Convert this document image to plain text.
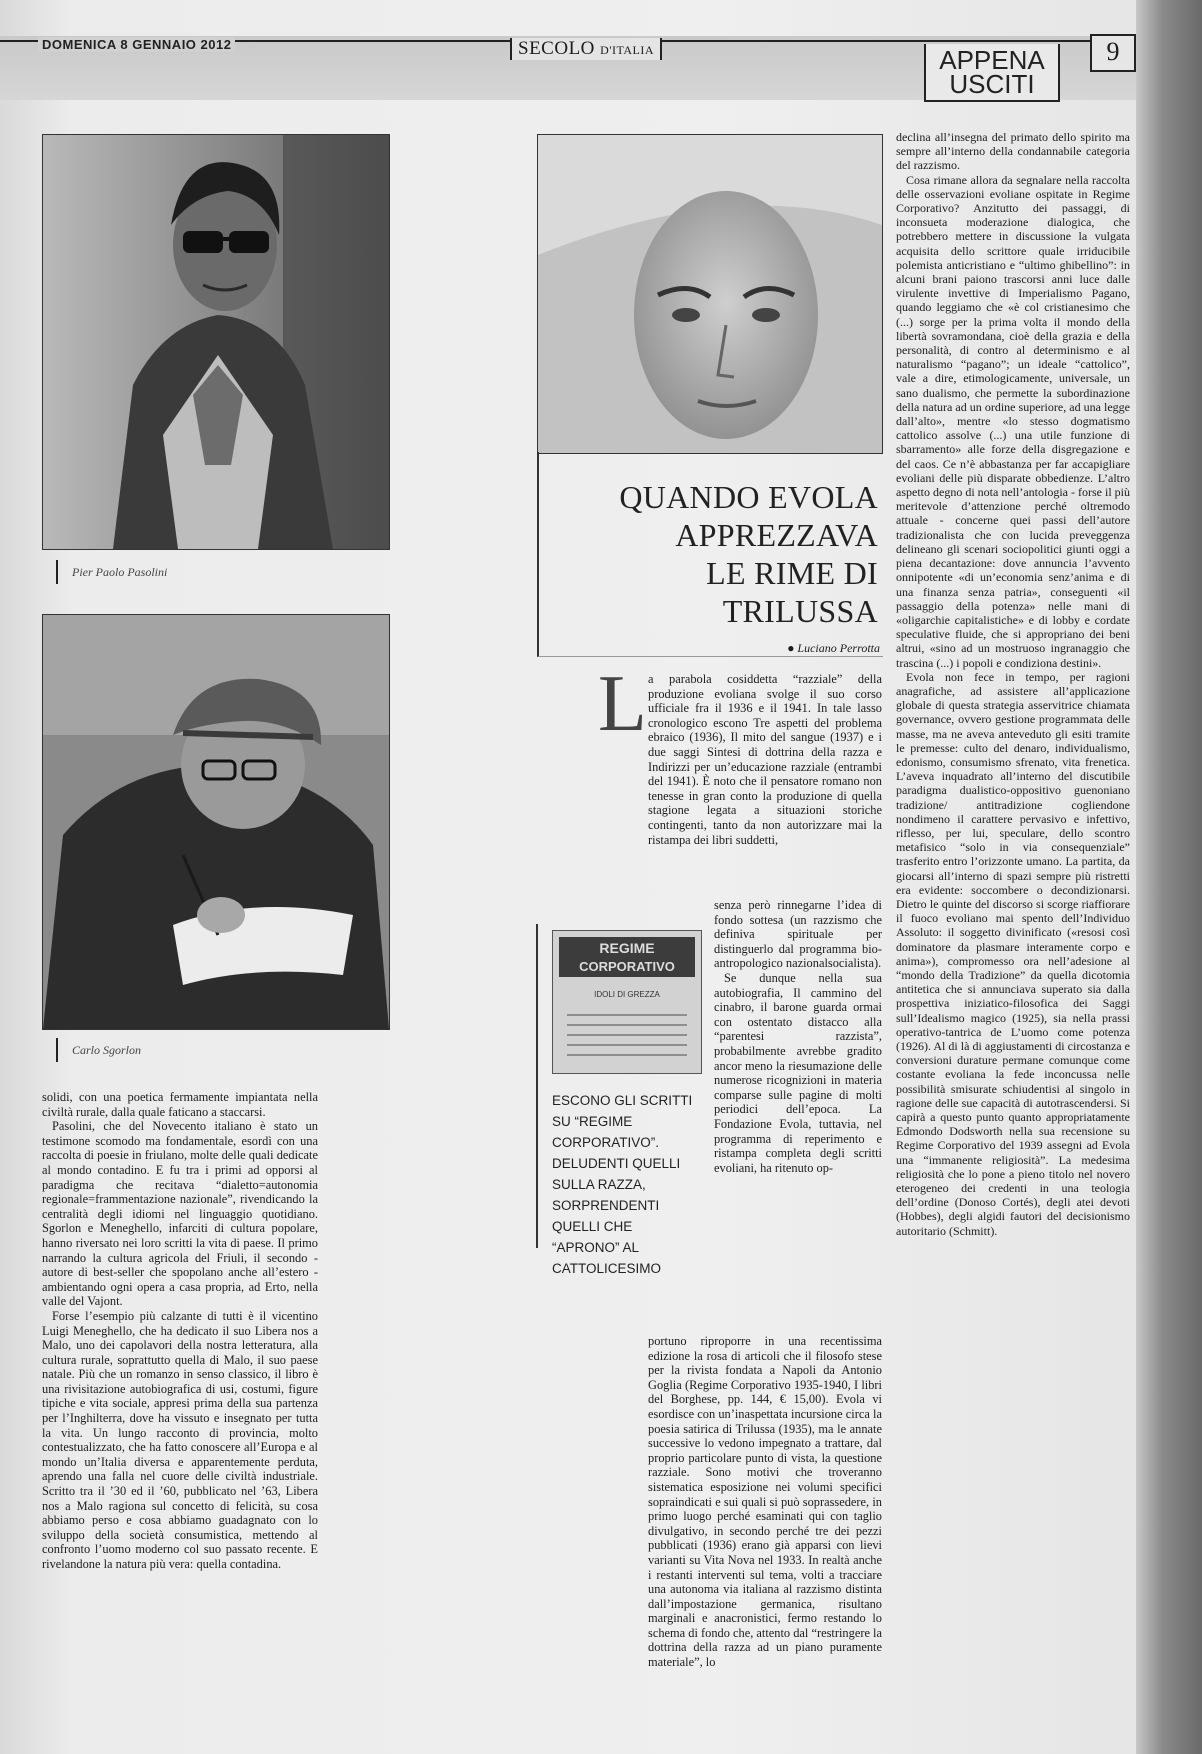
DOMENICA 8 GENNAIO 2012	SECOLO D'ITALIA	APPENA
USCITI
9
Pier Paolo Pasolini
Carlo Sgorlon
QUANDO EVOLA
APPREZZAVA
LE RIME DI TRILUSSA
● Luciano Perrotta
L

solidi, con una poetica fermamente impiantata nella civiltà rurale, dalla quale faticano a staccarsi.

Pasolini, che del Novecento italiano è stato un testimone scomodo ma fondamentale, esordì con una raccolta di poesie in friulano, molte delle quali dedicate al mondo contadino. E fu tra i primi ad opporsi al paradigma che recitava “dialetto=autonomia regionale=frammentazione nazionale”, rivendicando la centralità degli idiomi nel linguaggio quotidiano. Sgorlon e Meneghello, infarciti di cultura popolare, hanno riversato nei loro scritti la vita di paese. Il primo narrando la cultura agricola del Friuli, il secondo - autore di best-seller che spopolano anche all’estero - ambientando ogni opera a casa propria, ad Erto, nella valle del Vajont.

Forse l’esempio più calzante di tutti è il vicentino Luigi Meneghello, che ha dedicato il suo Libera nos a Malo, uno dei capolavori della nostra letteratura, alla cultura rurale, soprattutto quella di Malo, il suo paese natale. Più che un romanzo in senso classico, il libro è una rivisitazione autobiografica di usi, costumi, figure tipiche e vita sociale, appresi prima della sua partenza per l’Inghilterra, dove ha vissuto e insegnato per tutta la vita. Un lungo racconto di provincia, molto contestualizzato, che ha fatto conoscere all’Europa e al mondo un’Italia diversa e apparentemente perduta, aprendo una falla nel cuore delle civiltà industriale. Scritto tra il ’30 ed il ’60, pubblicato nel ’63, Libera nos a Malo ragiona sul concetto di felicità, su cosa abbiamo perso e cosa abbiamo guadagnato con lo sviluppo della società consumistica, mettendo al confronto l’uomo moderno col suo passato recente. E rivelandone la natura più vera: quella contadina.

a parabola cosiddetta “razziale” della produzione evoliana svolge il suo corso ufficiale fra il 1936 e il 1941. In tale lasso cronologico escono Tre aspetti del problema ebraico (1936), Il mito del sangue (1937) e i due saggi Sintesi di dottrina della razza e Indirizzi per un’educazione razziale (entrambi del 1941). È noto che il pensatore romano non tenesse in gran conto la produzione di quella stagione legata a situazioni storiche contingenti, tanto da non autorizzare mai la ristampa dei libri suddetti,

REGIME
CORPORATIVO
IDOLI DI GREZZA
ESCONO GLI SCRITTI SU “REGIME CORPORATIVO”. DELUDENTI QUELLI SULLA RAZZA, SORPRENDENTI QUELLI CHE “APRONO” AL CATTOLICESIMO

senza però rinnegarne l’idea di fondo sottesa (un razzismo che definiva spirituale per distinguerlo dal programma bio-antropologico nazionalsocialista).

Se dunque nella sua autobiografia, Il cammino del cinabro, il barone guarda ormai con ostentato distacco alla “parentesi razzista”, probabilmente avrebbe gradito ancor meno la riesumazione delle numerose ricognizioni in materia comparse sulle pagine di molti periodici dell’epoca. La Fondazione Evola, tuttavia, nel programma di reperimento e ristampa completa degli scritti evoliani, ha ritenuto op-

portuno riproporre in una recentissima edizione la rosa di articoli che il filosofo stese per la rivista fondata a Napoli da Antonio Goglia (Regime Corporativo 1935-1940, I libri del Borghese, pp. 144, € 15,00). Evola vi esordisce con un’inaspettata incursione circa la poesia satirica di Trilussa (1935), ma le annate successive lo vedono impegnato a trattare, dal proprio particolare punto di vista, la questione razziale. Sono motivi che troveranno sistematica esposizione nei volumi specifici sopraindicati e sui quali si può soprassedere, in primo luogo perché esaminati qui con taglio divulgativo, in secondo perché tre dei pezzi pubblicati (1936) erano già apparsi con lievi varianti su Vita Nova nel 1933. In realtà anche i restanti interventi sul tema, volti a tracciare una autonoma via italiana al razzismo distinta dall’impostazione germanica, risultano marginali e anacronistici, fermo restando lo schema di fondo che, attento dal “restringere la dottrina della razza ad un piano puramente materiale”, lo

declina all’insegna del primato dello spirito ma sempre all’interno della condannabile categoria del razzismo.

Cosa rimane allora da segnalare nella raccolta delle osservazioni evoliane ospitate in Regime Corporativo? Anzitutto dei passaggi, di inconsueta moderazione dialogica, che potrebbero mettere in discussione la vulgata acquisita dello scrittore quale irriducibile polemista anticristiano e “ultimo ghibellino”: in alcuni brani paiono trascorsi anni luce dalle virulente invettive di Imperialismo Pagano, quando leggiamo che «è col cristianesimo che (...) sorge per la prima volta il mondo della libertà sovramondana, cioè della grazia e della personalità, di contro al determinismo e al naturalismo “pagano”; un ideale “cattolico”, vale a dire, etimologicamente, universale, un sano dualismo, che permette la subordinazione della natura ad un ordine superiore, ad una legge dall’alto», mentre «lo stesso dogmatismo cattolico assolve (...) una utile funzione di sbarramento» alle forze della disgregazione e del caos. Ce n’è abbastanza per far accapigliare evoliani delle più disparate obbedienze. L’altro aspetto degno di nota nell’antologia - forse il più meritevole d’attenzione perché oltremodo attuale - concerne quei passi dell’autore tradizionalista che con lucida preveggenza delineano gli scenari sociopolitici giunti oggi a piena decantazione: dove annuncia l’avvento onnipotente «di un’economia senz’anima e di una finanza senza patria», conseguenti «il passaggio della potenza» nelle mani di «oligarchie capitalistiche» e di lobby e cordate speculative fluide, che si appropriano dei beni altrui, «sino ad un mostruoso ingranaggio che trascina (...) i popoli e condiziona destini».

Evola non fece in tempo, per ragioni anagrafiche, ad assistere all’applicazione globale di questa strategia asservitrice chiamata governance, ovvero gestione programmata delle masse, ma ne aveva anteveduto gli esiti tramite le premesse: culto del denaro, individualismo, edonismo, consumismo sfrenato, vita frenetica. L’aveva inquadrato all’interno del discutibile paradigma dualistico-oppositivo guenoniano tradizione/ antitradizione cogliendone nondimeno il carattere pervasivo e infettivo, riflesso, per lui, speculare, dello scontro metafisico “solo in via consequenziale” trasferito entro l’orizzonte umano. La partita, da giocarsi all’interno di spazi sempre più ristretti era evidente: soccombere o decondizionarsi. Dietro le quinte del discorso si scorge riaffiorare il fuoco evoliano mai spento dell’Individuo Assoluto: il soggetto divinificato («resosi così dominatore da plasmare interamente corpo e anima»), compromesso ora nell’adesione al “mondo della Tradizione” da quella dicotomia antitetica che si annunciava superato sia dalla prospettiva iniziatico-filosofica dei Saggi sull’Idealismo magico (1925), sia nella prassi operativo-tantrica de L’uomo come potenza (1926). Al di là di aggiustamenti di circostanza e conversioni durature permane comunque come costante evoliana la fede inconcussa nelle possibilità smisurate schiudentisi al singolo in ragione delle sue capacità di autotrascendersi. Si capirà a questo punto quanto appropriatamente Edmondo Dodsworth nella sua recensione su Regime Corporativo del 1939 assegni ad Evola una “immanente religiosità”. La medesima religiosità che lo pone a pieno titolo nel novero eterogeneo dei credenti in una teologia dell’ordine (Donoso Cortés), degli atei devoti (Hobbes), degli algidi fautori del decisionismo autoritario (Schmitt).
